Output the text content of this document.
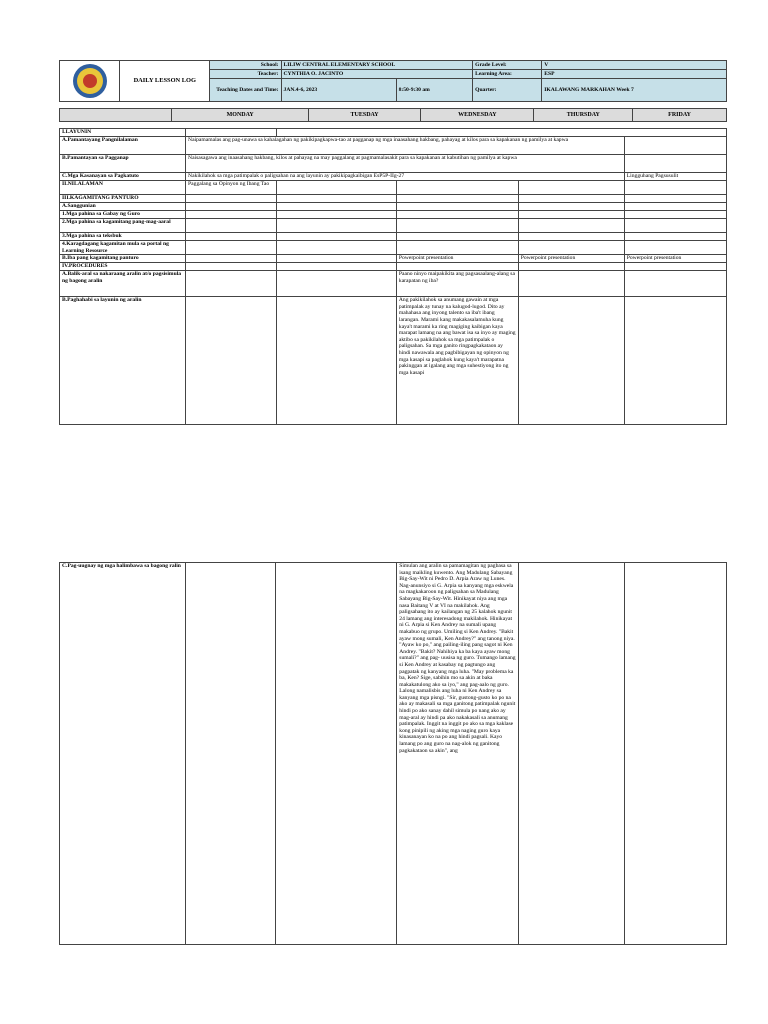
	DAILY LESSON LOG	School:	LILIW CENTRAL ELEMENTARY SCHOOL		Grade Level:	V
		Teacher:	CYNTHIA O. JACINTO		Learning Area:	ESP
		Teaching Dates and Time:	JAN.4-6, 2023	8:50-9:30 am	Quarter:	IKALAWANG MARKAHAN Week 7

	MONDAY	TUESDAY	WEDNESDAY	THURSDAY	FRIDAY
I.LAYUNIN					
A.Pamantayang Pangnilalaman	Naipamamalas ang pag-unawa sa kahalagahan ng pakikipagkapwa-tao at pagganap ng mga inaasahang hakbang, pahayag at kilos para sa kapakanan ng pamilya at kapwa				
B.Pamantayan sa Pagganap	Naisasagawa ang inaasahang hakbang, kilos at pahayag na may paggalang at pagmamalasakit para sa kapakanan at kabutihan ng pamilya at kapwa				
C.Mga Kasanayan sa Pagkatuto	Nakikilahok sa mga patimpalak o paligsahan na ang layunin ay pakikipagkaibigan EsP5P-IIg-27				Lingguhang Pagsusulit
II.NILALAMAN	Paggalang sa Opinyon ng Ibang Tao				
III.KAGAMITANG PANTURO					
A.Sanggunian					
1.Mga pahina sa Gabay ng Guro					
2.Mga pahina sa kagamitang pang-mag-aaral					
3.Mga pahina sa teksbuk					
4.Karagdagang kagamitan mula sa portal ng Learning Resource					
B.Iba pang kagamitang panturo			Powerpoint presentation	Powerpoint presentation	Powerpoint presentation
IV.PROCEDURES					
A.Balik-aral sa nakaraang aralin at/o pagsisimula ng bagong aralin			Paano ninyo maipakikita ang pagsasaalang-alang sa karapatan ng iba?		
B.Paghahabi sa layunin ng aralin			Ang pakikilahok sa anumang gawain at mga patimpalak ay tunay na kalugod-lugod. Dito ay mahahasa ang inyong talento sa iba't ibang larangan. Marami kang makakasalamuha kung kaya't marami ka ring magiging kaibigan kaya marapat lamang na ang bawat isa sa inyo ay maging aktibo sa pakikilahok sa mga patimpalak o paligsahan. Sa mga ganito ringpagkakataon ay hindi nawawala ang pagbibigayan ng opinyon ng mga kasapi sa paglahok kung kaya't marapatna pakinggan at igalang ang mga suhestiyong ito ng mga kasapi		
C.Pag-uugnay ng mga halimbawa sa bagong ralin			Simulan ang aralin sa pamamagitan ng pagbasa sa isang maikling kuwento. Ang Madulang Sabayang Big-Say-Wit ni Pedro D. Arpia Araw ng Lunes. Nag-anunsiyo si G. Arpia sa kanyang mga eskwela na magkakaroon ng paligsahan sa Madulang Sabayang Big-Say-Wit. Hinikayat niya ang mga nasa Baitang V at VI na makilahok. Ang paligsahang ito ay kailangan ng 25 kalahok ngunit 24 lamang ang interesadong makilahok. Hinikayat ni G. Arpia si Ken Andrey na sumali upang makabuo ng grupo. Umiling si Ken Andrey. "Bakit ayaw mong sumali, Ken Andrey?" ang tanong niya. "Ayaw ko po," ang pailing-iling pang sagot ni Ken Andrey. "Bakit? Nahihiya ka ba kaya ayaw mong sumali?" ang pag- uusisa ng guro. Tumango lamang si Ken Andrey at kasabay ng pagtungo ang pagpatak ng kanyang mga luha. "May problema ka ba, Ken? Sige, sabihin mo sa akin at baka makakatulong ako sa iyo," ang pag-aalo ng guro. Lalong namalisbis ang luha ni Ken Andrey sa kanyang mga pisngi. "Sir, gustong-gusto ko po na ako ay makasali sa mga ganitong patimpalak ngunit hindi po ako sanay dahil simula po nang ako ay mag-aral ay hindi pa ako nakakasali sa anumang patimpalak. Inggit na inggit po ako sa mga kaklase kong pinipili ng aking mga naging guro kaya kinasanayan ko na po ang hindi pagsali. Kayo lamang po ang guro na nag-alok ng ganitong pagkakataon sa akin", ang		
